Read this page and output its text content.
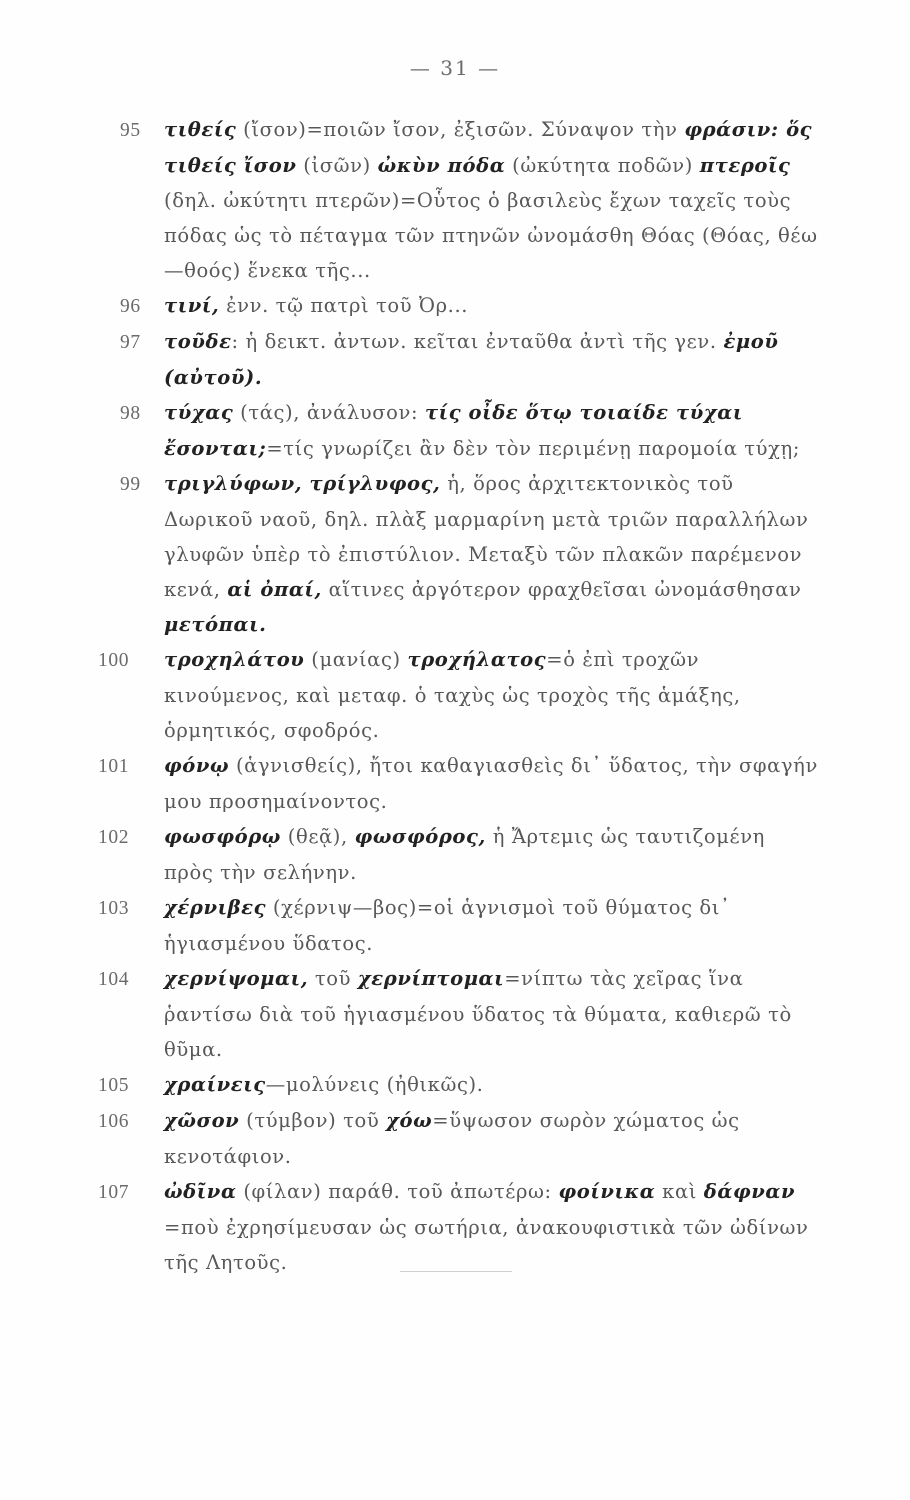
— 31 —
95 τιθείς (ἴσον)=ποιῶν ἴσον, ἐξισῶν. Σύναψον τὴν φράσιν: ὅς τιθείς ἴσον (ἰσῶν) ὠκὺν πόδα (ὠκύτητα ποδῶν) πτεροῖς (δηλ. ὠκύτητι πτερῶν)=Οὗτος ὁ βασιλεὺς ἔχων ταχεῖς τοὺς πόδας ὡς τὸ πέταγμα τῶν πτηνῶν ὠνομάσθη Θόας (Θόας, θέω—θοός) ἕνεκα τῆς...
96 τινί, ἐνν. τῷ πατρὶ τοῦ Ὀρ...
97 τοῦδε: ἡ δεικτ. ἀντων. κεῖται ἐνταῦθα ἀντὶ τῆς γεν. ἐμοῦ (αὐτοῦ).
98 τύχας (τάς), ἀνάλυσον: τίς οἶδε ὅτῳ τοιαίδε τύχαι ἔσονται;=τίς γνωρίζει ἂν δὲν τὸν περιμένῃ παρομοία τύχῃ;
99 τριγλύφων, τρίγλυφος, ἡ, ὅρος ἀρχιτεκτονικὸς τοῦ Δωρικοῦ ναοῦ, δηλ. πλὰξ μαρμαρίνη μετὰ τριῶν παραλλήλων γλυφῶν ὑπὲρ τὸ ἐπιστύλιον. Μεταξὺ τῶν πλακῶν παρέμενον κενά, αἱ ὀπαί, αἵτινες ἀργότερον φραχθεῖσαι ὠνομάσθησαν μετόπαι.
100 τροχηλάτου (μανίας) τροχήλατος=ὁ ἐπὶ τροχῶν κινούμενος, καὶ μεταφ. ὁ ταχὺς ὡς τροχὸς τῆς ἁμάξης, ὁρμητικός, σφοδρός.
101 φόνῳ (ἁγνισθείς), ἤτοι καθαγιασθεὶς δι᾿ ὕδατος, τὴν σφαγήν μου προσημαίνοντος.
102 φωσφόρῳ (θεᾷ), φωσφόρος, ἡ Ἄρτεμις ὡς ταυτιζομένη πρὸς τὴν σελήνην.
103 χέρνιβες (χέρνιψ—βος)=οἱ ἁγνισμοὶ τοῦ θύματος δι᾿ ἡγιασμένου ὕδατος.
104 χερνίψομαι, τοῦ χερνίπτομαι=νίπτω τὰς χεῖρας ἵνα ῥαντίσω διὰ τοῦ ἡγιασμένου ὕδατος τὰ θύματα, καθιερῶ τὸ θῦμα.
105 χραίνεις—μολύνεις (ἠθικῶς).
106 χῶσον (τύμβον) τοῦ χόω=ὕψωσον σωρὸν χώματος ὡς κενοτάφιον.
107 ὠδῖνα (φίλαν) παράθ. τοῦ ἀπωτέρω: φοίνικα καὶ δάφναν =ποὺ ἐχρησίμευσαν ὡς σωτήρια, ἀνακουφιστικὰ τῶν ὠδίνων τῆς Λητοῦς.
